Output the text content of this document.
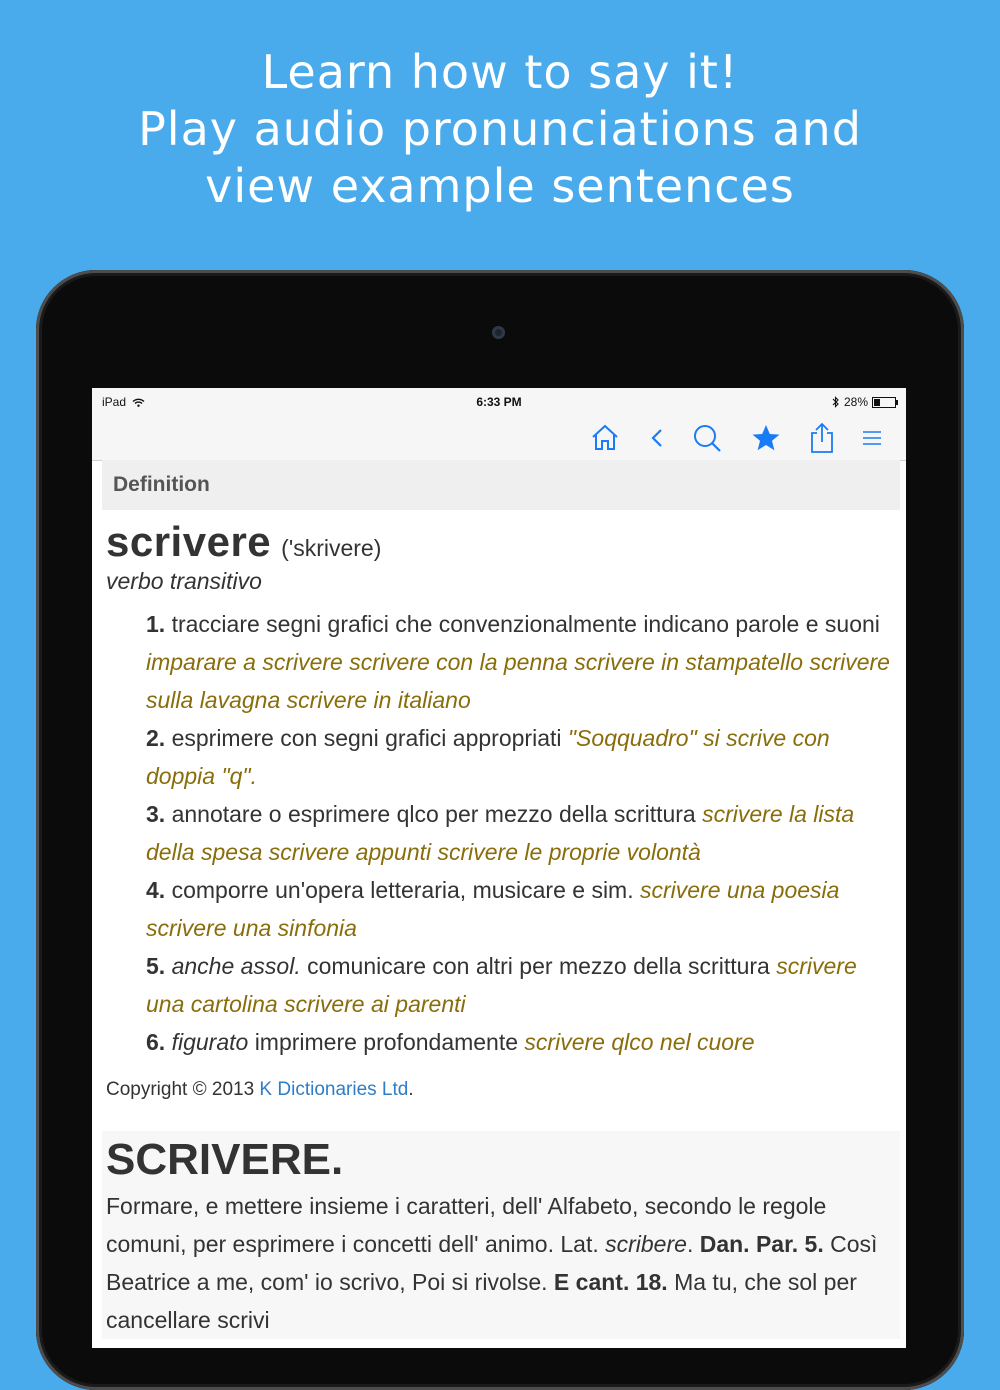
Learn how to say it!
Play audio pronunciations and
view example sentences
iPad	6:33 PM	28%
Definition
scrivere ('skrivere)
verbo transitivo
1. tracciare segni grafici che convenzionalmente indicano parole e suoni imparare a scrivere scrivere con la penna scrivere in stampatello scrivere sulla lavagna scrivere in italiano
2. esprimere con segni grafici appropriati "Soqquadro" si scrive con doppia "q".
3. annotare o esprimere qlco per mezzo della scrittura scrivere la lista della spesa scrivere appunti scrivere le proprie volontà
4. comporre un'opera letteraria, musicare e sim. scrivere una poesia scrivere una sinfonia
5. anche assol. comunicare con altri per mezzo della scrittura scrivere una cartolina scrivere ai parenti
6. figurato imprimere profondamente scrivere qlco nel cuore
Copyright © 2013 K Dictionaries Ltd.
SCRIVERE.
Formare, e mettere insieme i caratteri, dell' Alfabeto, secondo le regole comuni, per esprimere i concetti dell' animo. Lat. scribere. Dan. Par. 5. Così Beatrice a me, com' io scrivo, Poi si rivolse. E cant. 18. Ma tu, che sol per cancellare scrivi
